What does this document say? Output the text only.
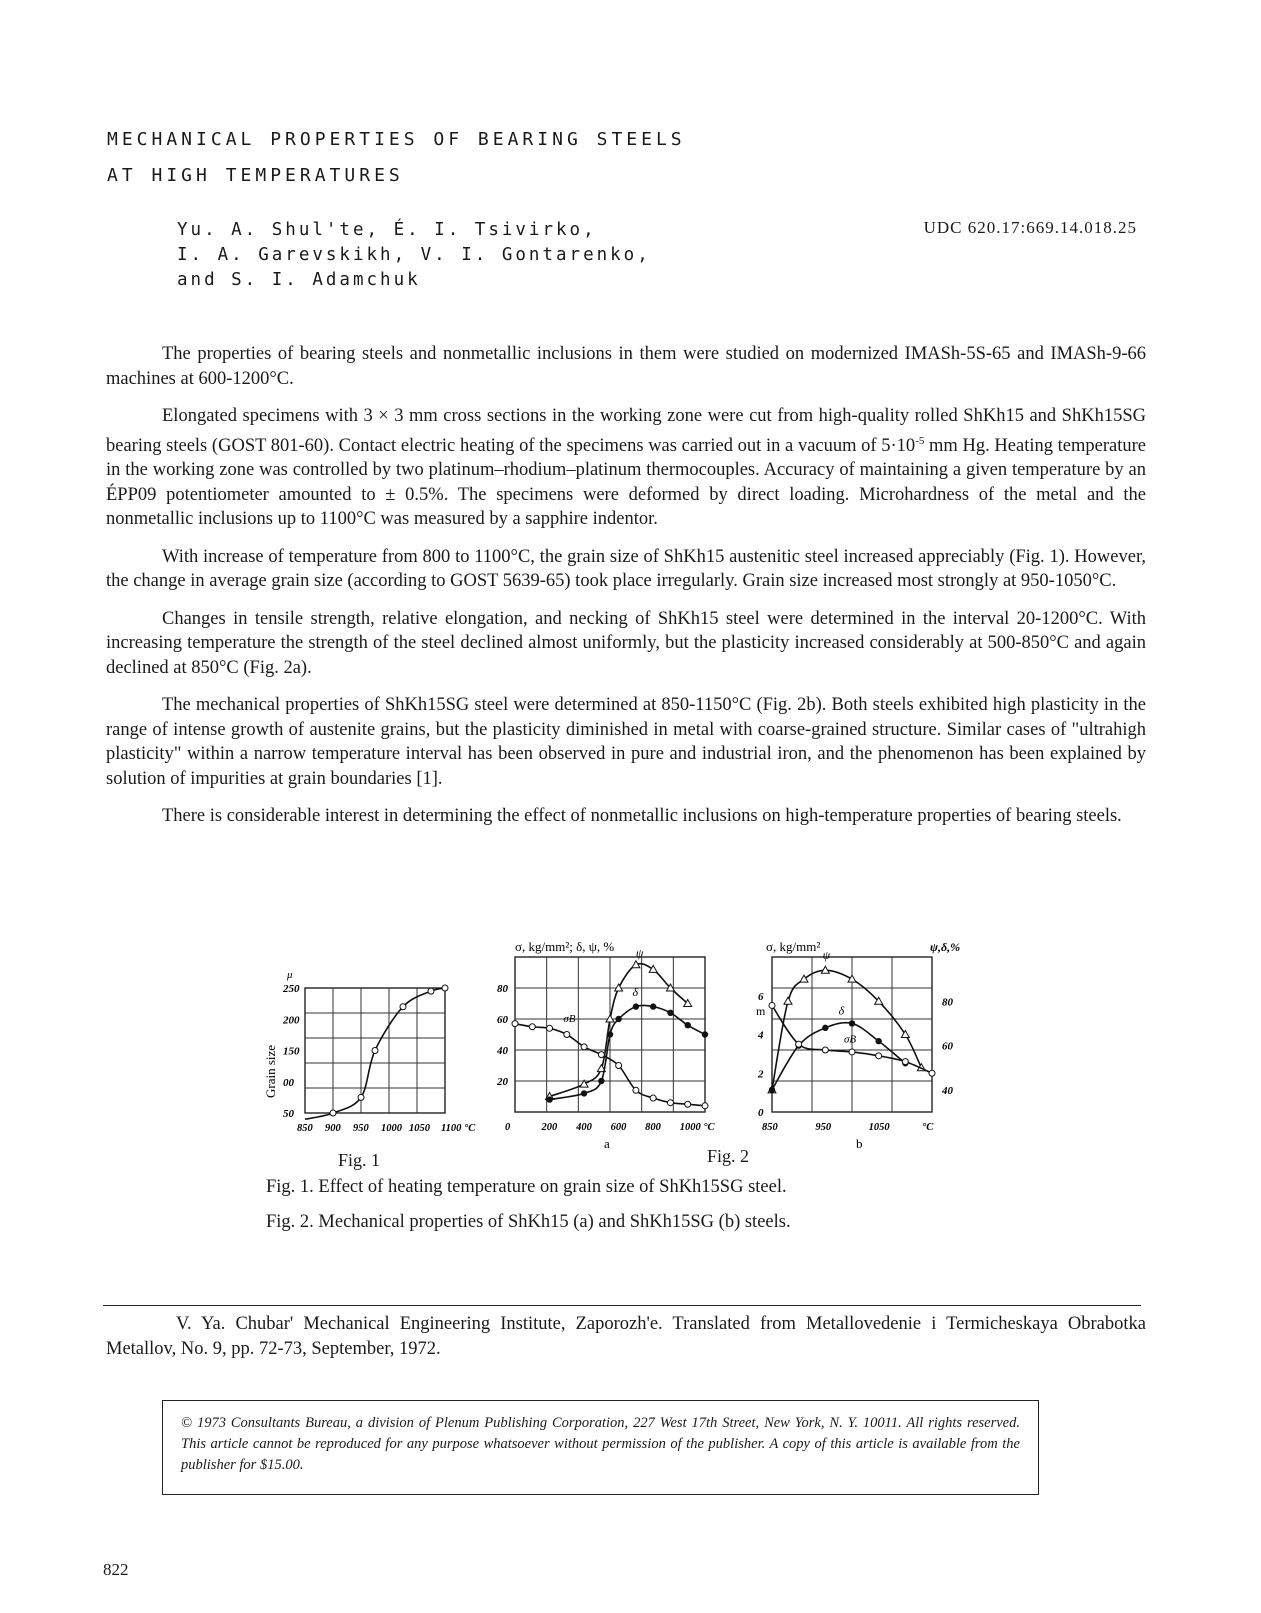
MECHANICAL PROPERTIES OF BEARING STEELS
AT HIGH TEMPERATURES
Yu. A. Shul'te, É. I. Tsivirko,
I. A. Garevskikh, V. I. Gontarenko,
and S. I. Adamchuk
UDC 620.17:669.14.018.25

The properties of bearing steels and nonmetallic inclusions in them were studied on modernized IMASh-5S-65 and IMASh-9-66 machines at 600-1200°C.

Elongated specimens with 3 × 3 mm cross sections in the working zone were cut from high-quality rolled ShKh15 and ShKh15SG bearing steels (GOST 801-60). Contact electric heating of the specimens was carried out in a vacuum of $5\cdot 10^{-5}$ mm Hg. Heating temperature in the working zone was controlled by two platinum–rhodium–platinum thermocouples. Accuracy of maintaining a given temperature by an ÉPP09 potentiometer amounted to ± 0.5%. The specimens were deformed by direct loading. Microhardness of the metal and the nonmetallic inclusions up to 1100°C was measured by a sapphire indentor.

With increase of temperature from 800 to 1100°C, the grain size of ShKh15 austenitic steel increased appreciably (Fig. 1). However, the change in average grain size (according to GOST 5639-65) took place irregularly. Grain size increased most strongly at 950-1050°C.

Changes in tensile strength, relative elongation, and necking of ShKh15 steel were determined in the interval 20-1200°C. With increasing temperature the strength of the steel declined almost uniformly, but the plasticity increased considerably at 500-850°C and again declined at 850°C (Fig. 2a).

The mechanical properties of ShKh15SG steel were determined at 850-1150°C (Fig. 2b). Both steels exhibited high plasticity in the range of intense growth of austenite grains, but the plasticity diminished in metal with coarse-grained structure. Similar cases of "ultrahigh plasticity" within a narrow temperature interval has been observed in pure and industrial iron, and the phenomenon has been explained by solution of impurities at grain boundaries [1].

There is considerable interest in determining the effect of nonmetallic inclusions on high-temperature properties of bearing steels.

850 900 950 1000 1050 1100 °C
50
00
150
200
250
μ
Grain size
0	200 400 600 800 1000 °C
20
40
60
80
σ, kg/mm²; δ, ψ, % ψ
δ
σB
a
850	950	1050	°C
0
2
4
6
40
60
80
σ, kg/mm²	ψ,δ,%
ψ
δ
σB
m
b
Fig. 1	Fig. 2
Fig. 1. Effect of heating temperature on grain size of ShKh15SG steel.
Fig. 2. Mechanical properties of ShKh15 (a) and ShKh15SG (b) steels.

V. Ya. Chubar' Mechanical Engineering Institute, Zaporozh'e. Translated from Metallovedenie i Termicheskaya Obrabotka Metallov, No. 9, pp. 72-73, September, 1972.

© 1973 Consultants Bureau, a division of Plenum Publishing Corporation, 227 West 17th Street, New York, N. Y. 10011. All rights reserved. This article cannot be reproduced for any purpose whatsoever without permission of the publisher. A copy of this article is available from the publisher for $15.00.
822
